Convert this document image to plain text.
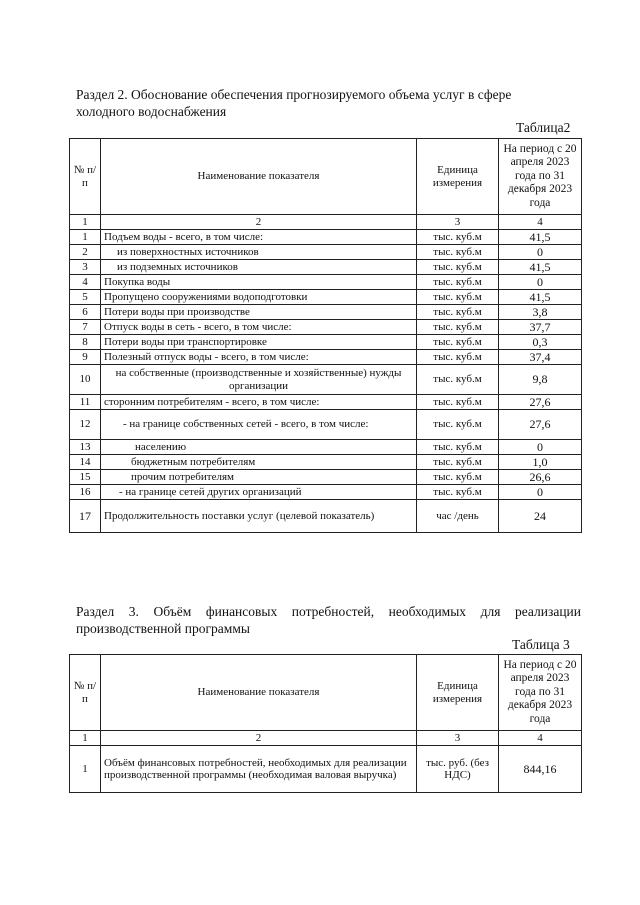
Раздел 2. Обоснование обеспечения прогнозируемого объема услуг в сфере
холодного водоснабжения
Таблица2
№ п/п	Наименование показателя	Единица измерения	На период с 20 апреля 2023 года по 31 декабря 2023 года
1	2	3	4
1	Подъем воды - всего, в том числе:	тыс. куб.м	41,5
2	из поверхностных источников	тыс. куб.м	0
3	из подземных источников	тыс. куб.м	41,5
4	Покупка воды	тыс. куб.м	0
5	Пропущено сооружениями водоподготовки	тыс. куб.м	41,5
6	Потери воды при производстве	тыс. куб.м	3,8
7	Отпуск воды в сеть - всего, в том числе:	тыс. куб.м	37,7
8	Потери воды при транспортировке	тыс. куб.м	0,3
9	Полезный отпуск воды - всего, в том числе:	тыс. куб.м	37,4
10	на собственные (производственные и хозяйственные) нужды организации	тыс. куб.м	9,8
11	сторонним потребителям - всего, в том числе:	тыс. куб.м	27,6
12	- на границе собственных сетей - всего, в том числе:	тыс. куб.м	27,6
13	населению	тыс. куб.м	0
14	бюджетным потребителям	тыс. куб.м	1,0
15	прочим потребителям	тыс. куб.м	26,6
16	- на границе сетей других организаций	тыс. куб.м	0
17	Продолжительность поставки услуг (целевой показатель)	час /день	24
Раздел 3. Объём финансовых потребностей, необходимых для реализации
производственной программы
Таблица 3
№ п/п	Наименование показателя	Единица измерения	На период с 20 апреля 2023 года по 31 декабря 2023 года
1	2	3	4
1	Объём финансовых потребностей, необходимых для реализации производственной программы (необходимая валовая выручка)	тыс. руб. (без НДС)	844,16
